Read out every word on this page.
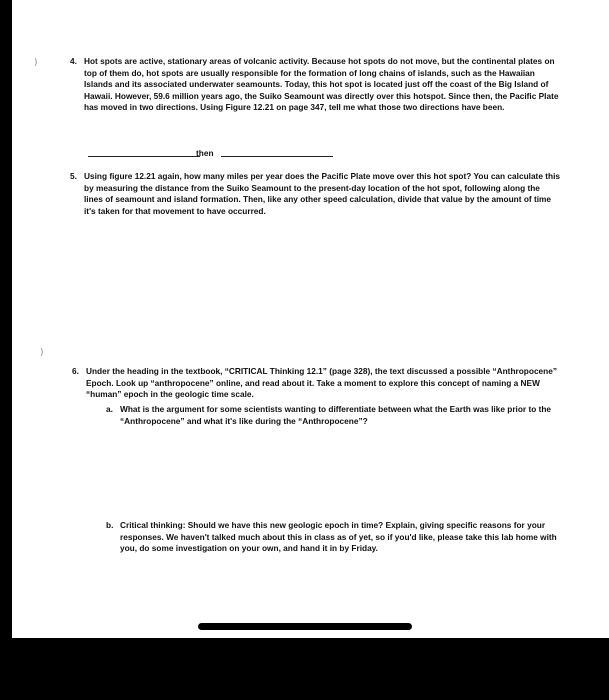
)
)
4. Hot spots are active, stationary areas of volcanic activity. Because hot spots do not move, but the continental plates on top of them do, hot spots are usually responsible for the formation of long chains of islands, such as the Hawaiian Islands and its associated underwater seamounts. Today, this hot spot is located just off the coast of the Big Island of Hawaii. However, 59.6 million years ago, the Suiko Seamount was directly over this hotspot. Since then, the Pacific Plate has moved in two directions. Using Figure 12.21 on page 347, tell me what those two directions have been.

then
5. Using figure 12.21 again, how many miles per year does the Pacific Plate move over this hot spot? You can calculate this by measuring the distance from the Suiko Seamount to the present-day location of the hot spot, following along the lines of seamount and island formation. Then, like any other speed calculation, divide that value by the amount of time it's taken for that movement to have occurred.

6. Under the heading in the textbook, “CRITICAL Thinking 12.1” (page 328), the text discussed a possible “Anthropocene” Epoch. Look up “anthropocene” online, and read about it. Take a moment to explore this concept of naming a NEW “human” epoch in the geologic time scale.

a. What is the argument for some scientists wanting to differentiate between what the Earth was like prior to the “Anthropocene” and what it's like during the “Anthropocene”?

b. Critical thinking: Should we have this new geologic epoch in time? Explain, giving specific reasons for your responses. We haven't talked much about this in class as of yet, so if you'd like, please take this lab home with you, do some investigation on your own, and hand it in by Friday.
